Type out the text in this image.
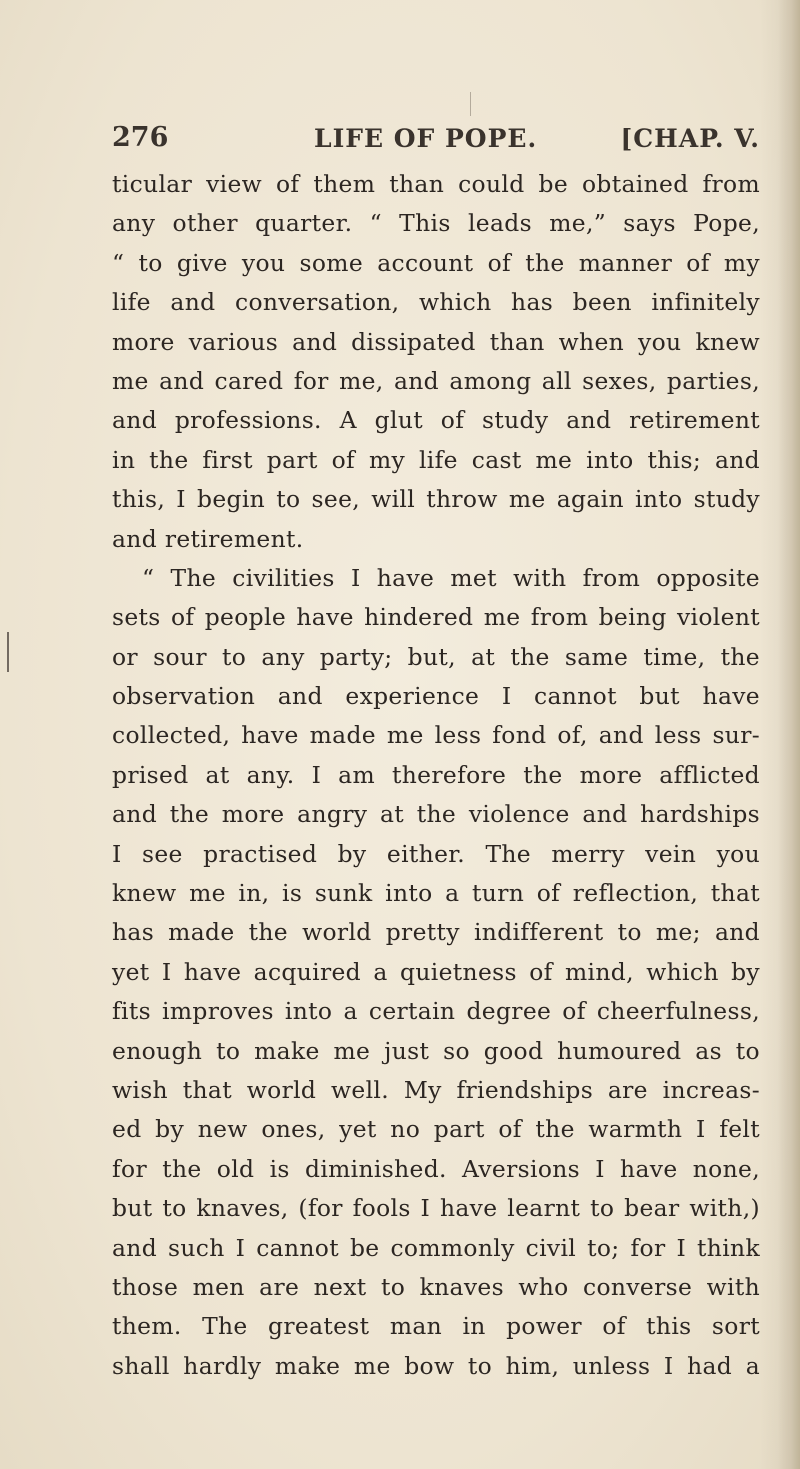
276	LIFE OF POPE.	[CHAP. V.
ticular view of them than could be obtained from
any other quarter. “ This leads me,” says Pope,
“ to give you some account of the manner of my
life and conversation, which has been infinitely
more various and dissipated than when you knew
me and cared for me, and among all sexes, parties,
and professions. A glut of study and retirement
in the first part of my life cast me into this; and
this, I begin to see, will throw me again into study
and retirement.
“ The civilities I have met with from opposite
sets of people have hindered me from being violent
or sour to any party; but, at the same time, the
observation and experience I cannot but have
collected, have made me less fond of, and less sur-
prised at any. I am therefore the more afflicted
and the more angry at the violence and hardships
I see practised by either. The merry vein you
knew me in, is sunk into a turn of reflection, that
has made the world pretty indifferent to me; and
yet I have acquired a quietness of mind, which by
fits improves into a certain degree of cheerfulness,
enough to make me just so good humoured as to
wish that world well. My friendships are increas-
ed by new ones, yet no part of the warmth I felt
for the old is diminished. Aversions I have none,
but to knaves, (for fools I have learnt to bear with,)
and such I cannot be commonly civil to; for I think
those men are next to knaves who converse with
them. The greatest man in power of this sort
shall hardly make me bow to him, unless I had a
